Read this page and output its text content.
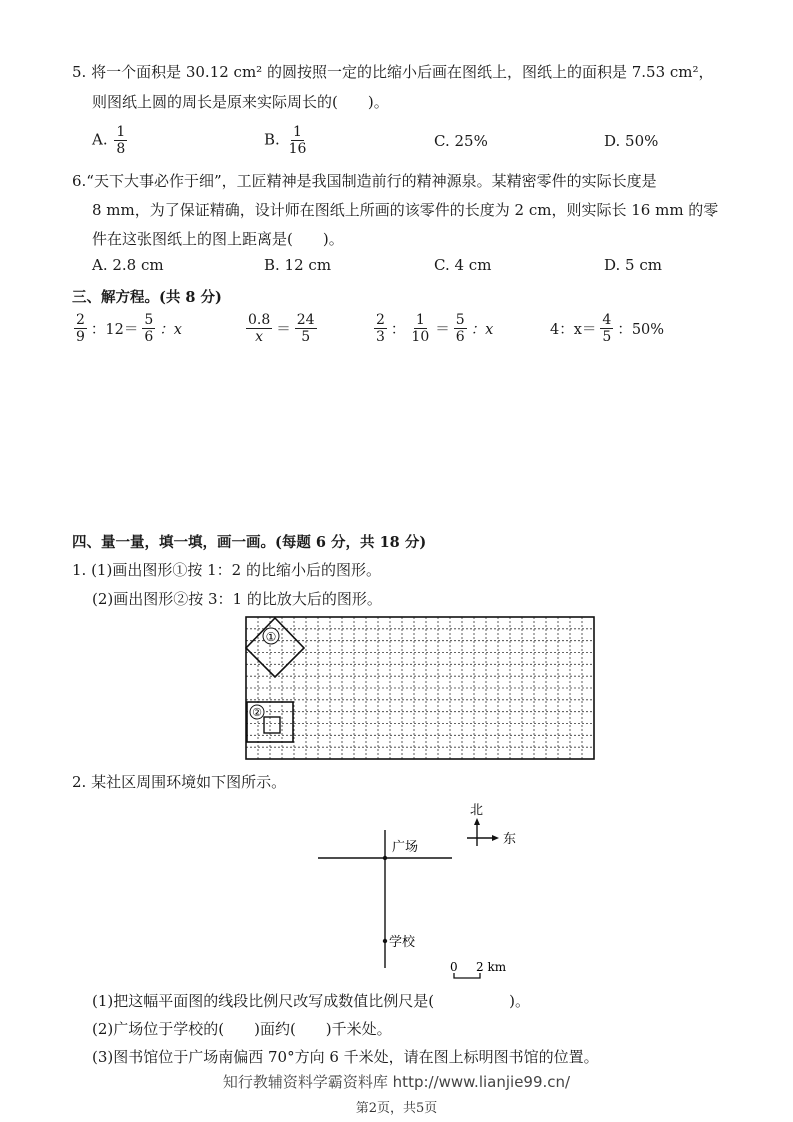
5. 将一个面积是 30.12 cm² 的圆按照一定的比缩小后画在图纸上，图纸上的面积是 7.53 cm²，
则图纸上圆的周长是原来实际周长的(　　)。
A. $\frac{1}{8}$	B. $\frac{1}{16}$	C. 25%	D. 50%
6.“天下大事必作于细”，工匠精神是我国制造前行的精神源泉。某精密零件的实际长度是
8 mm，为了保证精确，设计师在图纸上所画的该零件的长度为 2 cm，则实际长 16 mm 的零
件在这张图纸上的图上距离是(　　)。
A. 2.8 cm	B. 12 cm	C. 4 cm	D. 5 cm
三、解方程。(共 8 分)
$\frac{2}{9}$ ：$12= \frac{5}{6}$ ：x	$\frac{0.8}{x} = \frac{24}{5}$	$\frac{2}{3}$ ： $\frac{1}{10} = \frac{5}{6}$ ：x	4：$x= \frac{4}{5}$ ：50%
四、量一量，填一填，画一画。(每题 6 分，共 18 分)
1. (1)画出图形①按 1：2 的比缩小后的图形。
(2)画出图形②按 3：1 的比放大后的图形。
①
②
2. 某社区周围环境如下图所示。
北
东
广场
学校
0 2 km
(1)把这幅平面图的线段比例尺改写成数值比例尺是(　　　　　)。
(2)广场位于学校的(　　)面约(　　)千米处。
(3)图书馆位于广场南偏西 70°方向 6 千米处，请在图上标明图书馆的位置。
知行教辅资料学霸资料库 http://www.lianjie99.cn/
第2页，共5页
